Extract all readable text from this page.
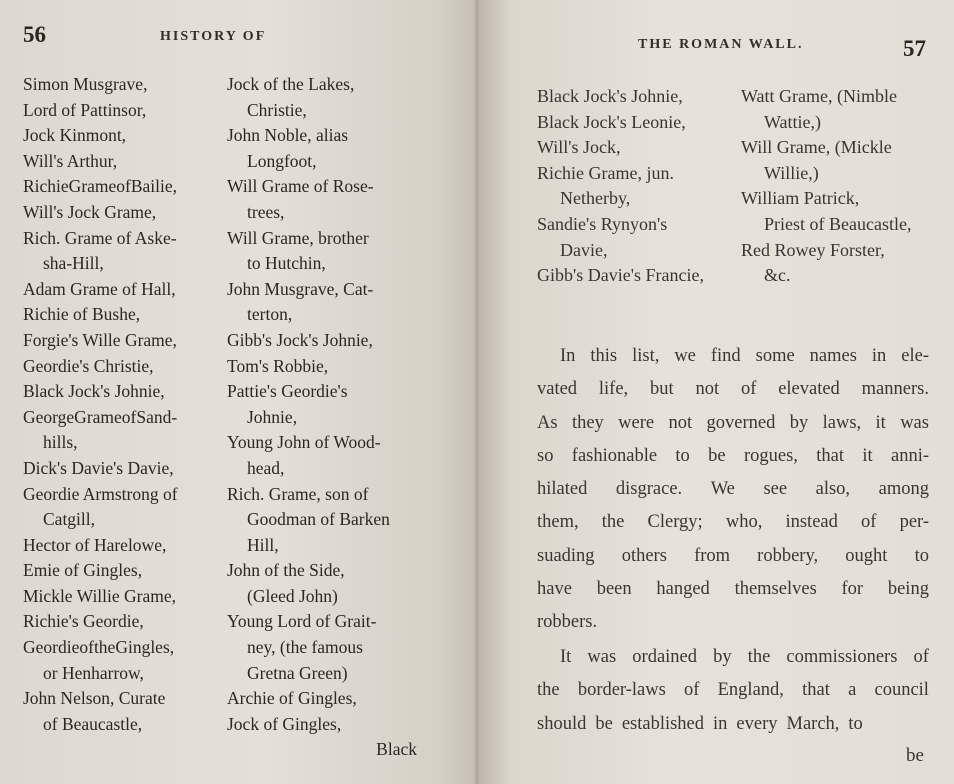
56	HISTORY OF
Simon Musgrave,
Lord of Pattinsor,
Jock Kinmont,
Will's Arthur,
RichieGrameofBailie,
Will's Jock Grame,
Rich. Grame of Aske-
sha-Hill,
Adam Grame of Hall,
Richie of Bushe,
Forgie's Wille Grame,
Geordie's Christie,
Black Jock's Johnie,
GeorgeGrameofSand-
hills,
Dick's Davie's Davie,
Geordie Armstrong of
Catgill,
Hector of Harelowe,
Emie of Gingles,
Mickle Willie Grame,
Richie's Geordie,
GeordieoftheGingles,
or Henharrow,
John Nelson, Curate
of Beaucastle,
Jock of the Lakes,
Christie,
John Noble, alias
Longfoot,
Will Grame of Rose-
trees,
Will Grame, brother
to Hutchin,
John Musgrave, Cat-
terton,
Gibb's Jock's Johnie,
Tom's Robbie,
Pattie's Geordie's
Johnie,
Young John of Wood-
head,
Rich. Grame, son of
Goodman of Barken
Hill,
John of the Side,
(Gleed John)
Young Lord of Grait-
ney, (the famous
Gretna Green)
Archie of Gingles,
Jock of Gingles,
Black
THE ROMAN WALL.	57
Black Jock's Johnie,
Black Jock's Leonie,
Will's Jock,
Richie Grame, jun.
Netherby,
Sandie's Rynyon's
Davie,
Gibb's Davie's Francie,
Watt Grame, (Nimble
Wattie,)
Will Grame, (Mickle
Willie,)
William Patrick,
Priest of Beaucastle,
Red Rowey Forster,
&c.
In this list, we find some names in ele-
vated life, but not of elevated manners.
As they were not governed by laws, it was
so fashionable to be rogues, that it anni-
hilated disgrace. We see also, among
them, the Clergy; who, instead of per-
suading others from robbery, ought to
have been hanged themselves for being
robbers.
It was ordained by the commissioners of
the border-laws of England, that a council
should be established in every March, to
be
